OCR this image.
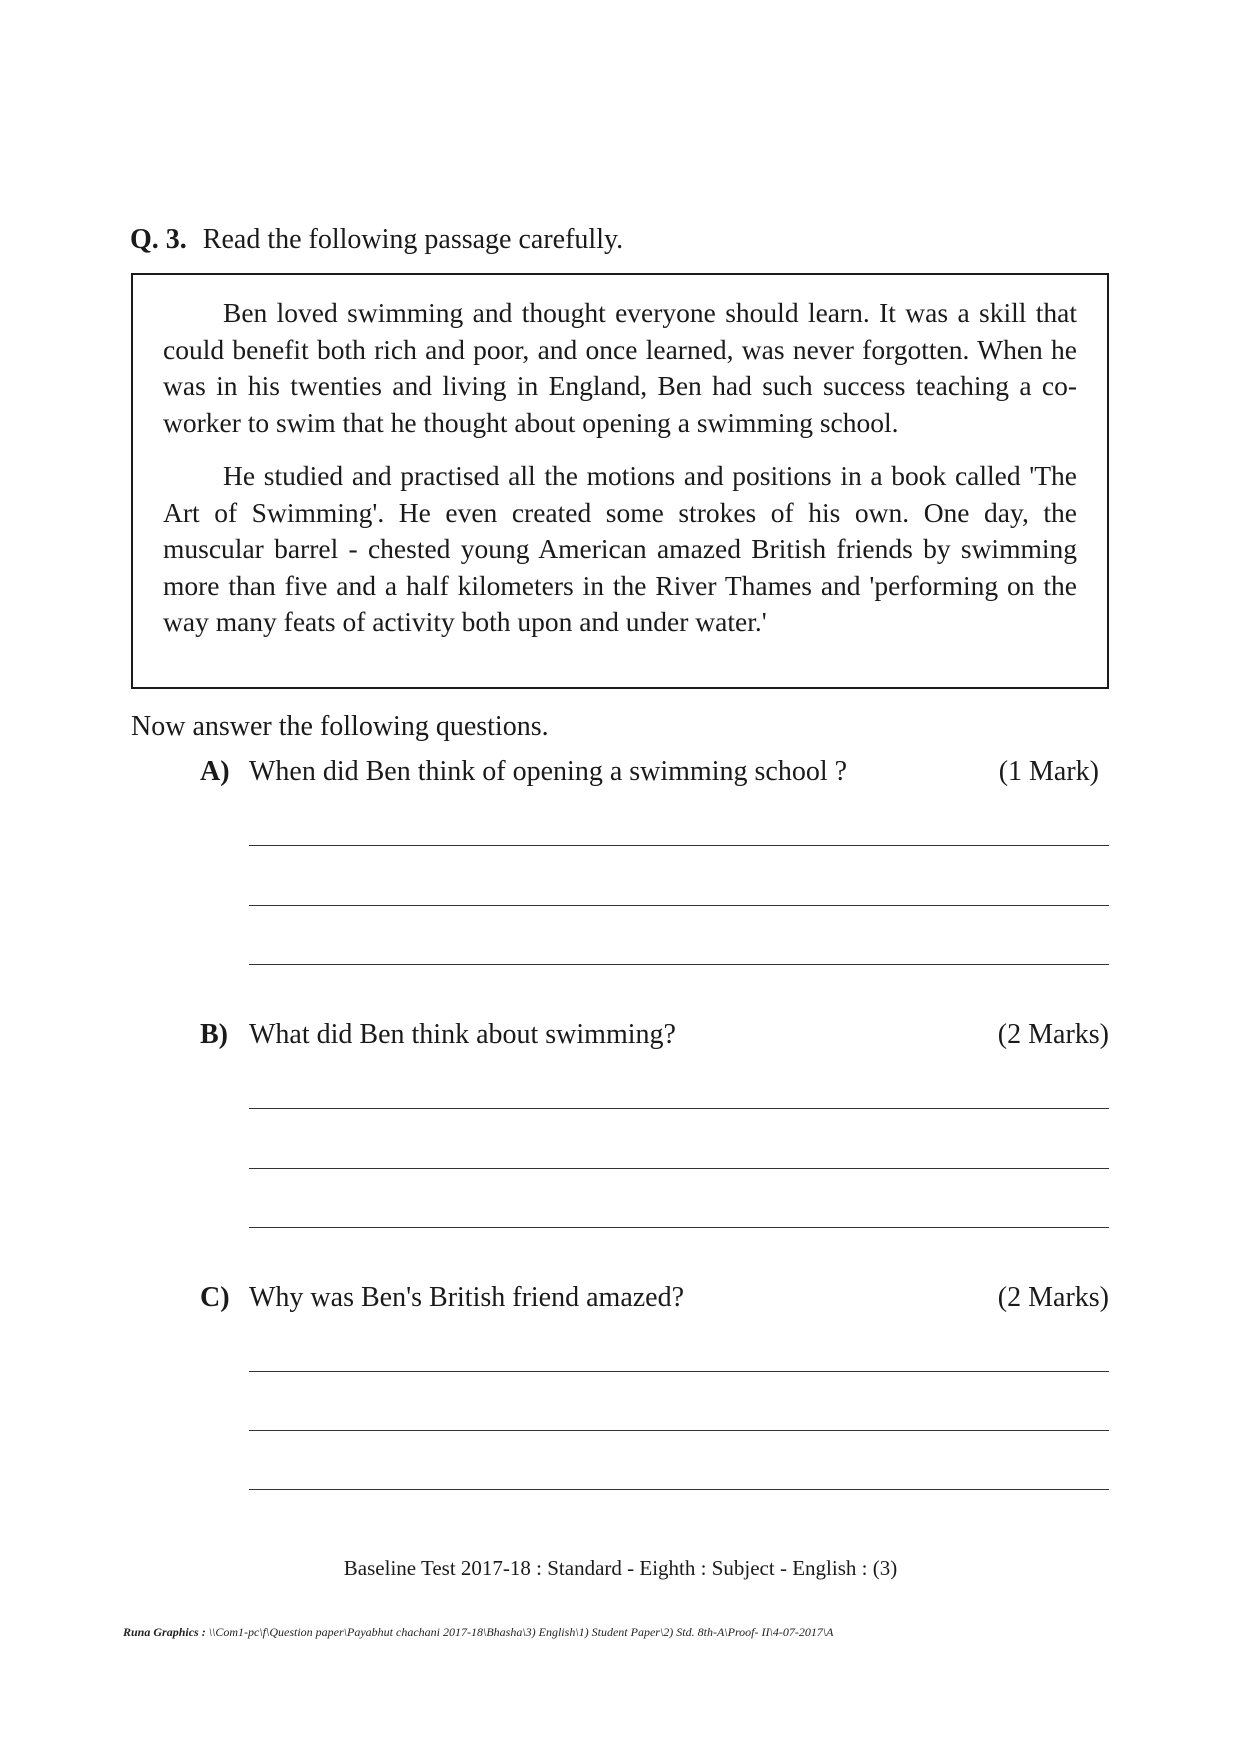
Q. 3. Read the following passage carefully.

Ben loved swimming and thought everyone should learn. It was a skill that could benefit both rich and poor, and once learned, was never forgotten. When he was in his twenties and living in England, Ben had such success teaching a co-worker to swim that he thought about opening a swimming school.

He studied and practised all the motions and positions in a book called 'The Art of Swimming'. He even created some strokes of his own. One day, the muscular barrel - chested young American amazed British friends by swimming more than five and a half kilometers in the River Thames and 'performing on the way many feats of activity both upon and under water.'

Now answer the following questions.
A) When did Ben think of opening a swimming school ?	(1 Mark)
B) What did Ben think about swimming?	(2 Marks)
C) Why was Ben's British friend amazed?	(2 Marks)
Baseline Test 2017-18 : Standard - Eighth : Subject - English : (3)
Runa Graphics : \\Com1-pc\f\Question paper\Payabhut chachani 2017-18\Bhasha\3) English\1) Student Paper\2) Std. 8th-A\Proof- II\4-07-2017\A
